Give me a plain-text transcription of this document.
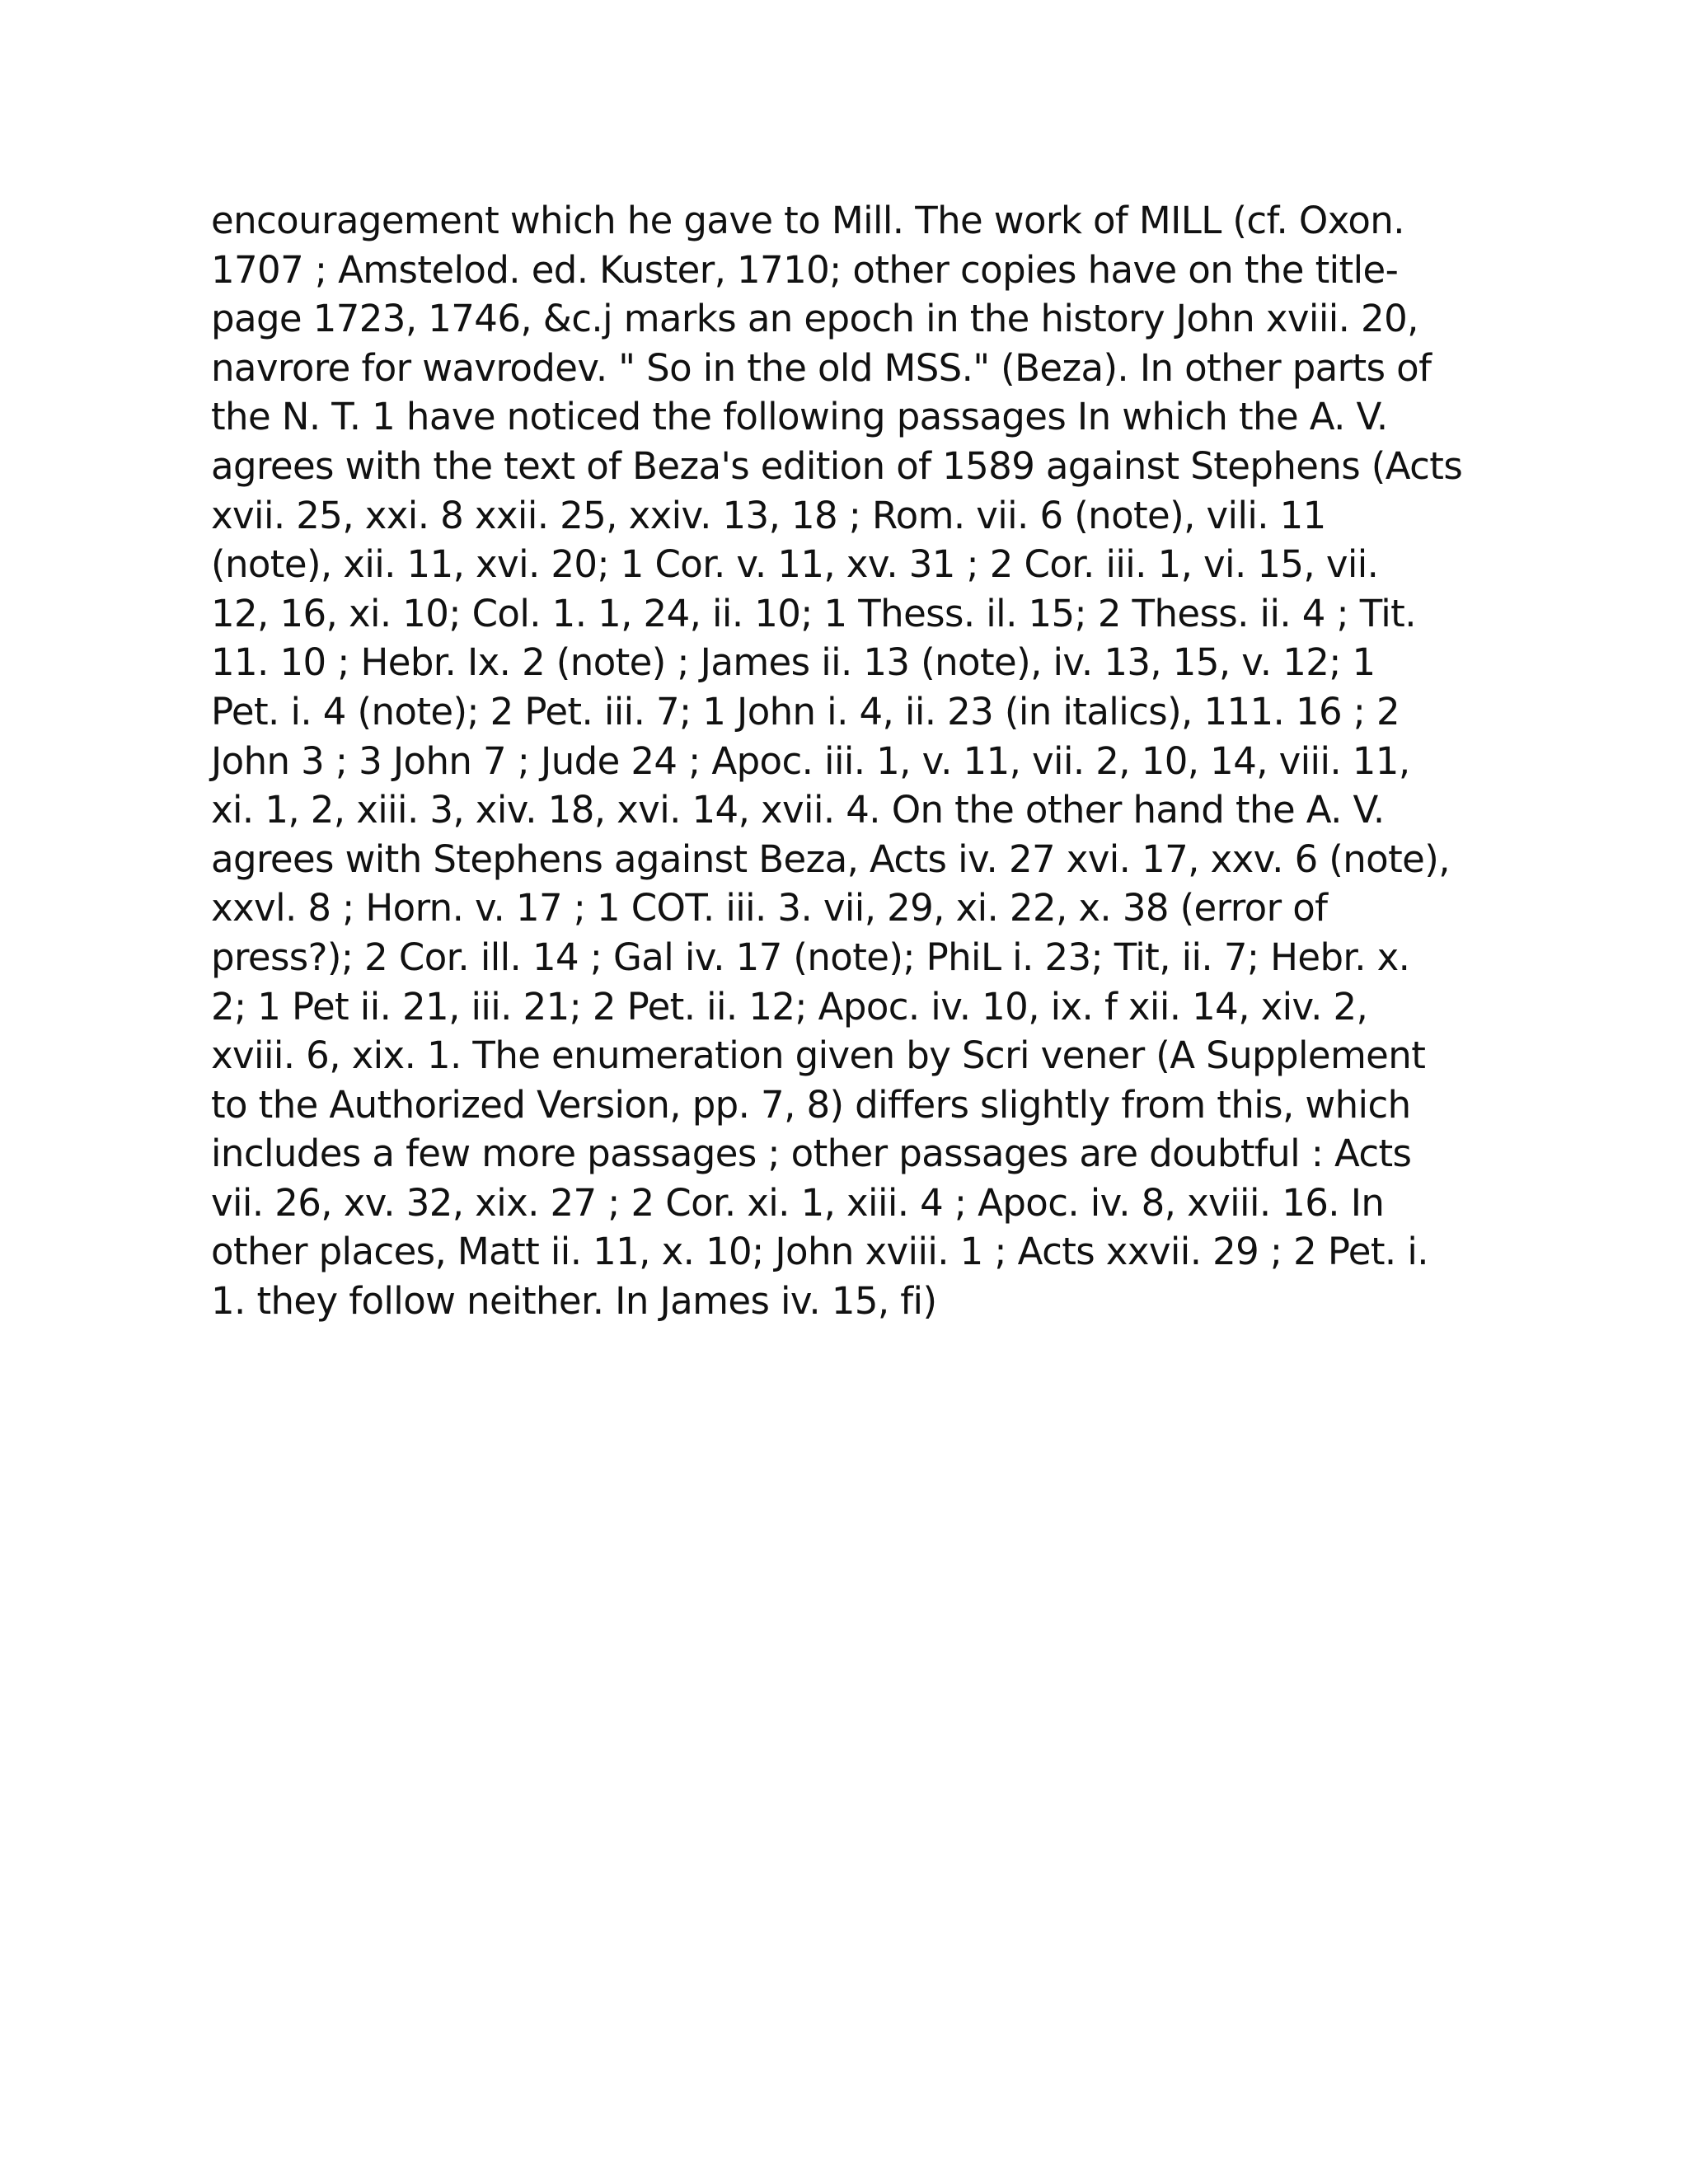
encouragement which he gave to Mill. The work of MILL (cf. Oxon.
1707 ; Amstelod. ed. Kuster, 1710; other copies have on the title-
page 1723, 1746, &c.j marks an epoch in the history John xviii. 20,
navrore for wavrodev. " So in the old MSS." (Beza). In other parts of
the N. T. 1 have noticed the following passages In which the A. V.
agrees with the text of Beza's edition of 1589 against Stephens (Acts
xvii. 25, xxi. 8 xxii. 25, xxiv. 13, 18 ; Rom. vii. 6 (note), vili. 11
(note), xii. 11, xvi. 20; 1 Cor. v. 11, xv. 31 ; 2 Cor. iii. 1, vi. 15, vii.
12, 16, xi. 10; Col. 1. 1, 24, ii. 10; 1 Thess. il. 15; 2 Thess. ii. 4 ; Tit.
11. 10 ; Hebr. Ix. 2 (note) ; James ii. 13 (note), iv. 13, 15, v. 12; 1
Pet. i. 4 (note); 2 Pet. iii. 7; 1 John i. 4, ii. 23 (in italics), 111. 16 ; 2
John 3 ; 3 John 7 ; Jude 24 ; Apoc. iii. 1, v. 11, vii. 2, 10, 14, viii. 11,
xi. 1, 2, xiii. 3, xiv. 18, xvi. 14, xvii. 4. On the other hand the A. V.
agrees with Stephens against Beza, Acts iv. 27 xvi. 17, xxv. 6 (note),
xxvl. 8 ; Horn. v. 17 ; 1 COT. iii. 3. vii, 29, xi. 22, x. 38 (error of
press?); 2 Cor. ill. 14 ; Gal iv. 17 (note); PhiL i. 23; Tit, ii. 7; Hebr. x.
2; 1 Pet ii. 21, iii. 21; 2 Pet. ii. 12; Apoc. iv. 10, ix. f xii. 14, xiv. 2,
xviii. 6, xix. 1. The enumeration given by Scri vener (A Supplement
to the Authorized Version, pp. 7, 8) differs slightly from this, which
includes a few more passages ; other passages are doubtful : Acts
vii. 26, xv. 32, xix. 27 ; 2 Cor. xi. 1, xiii. 4 ; Apoc. iv. 8, xviii. 16. In
other places, Matt ii. 11, x. 10; John xviii. 1 ; Acts xxvii. 29 ; 2 Pet. i.
1. they follow neither. In James iv. 15, fi)
